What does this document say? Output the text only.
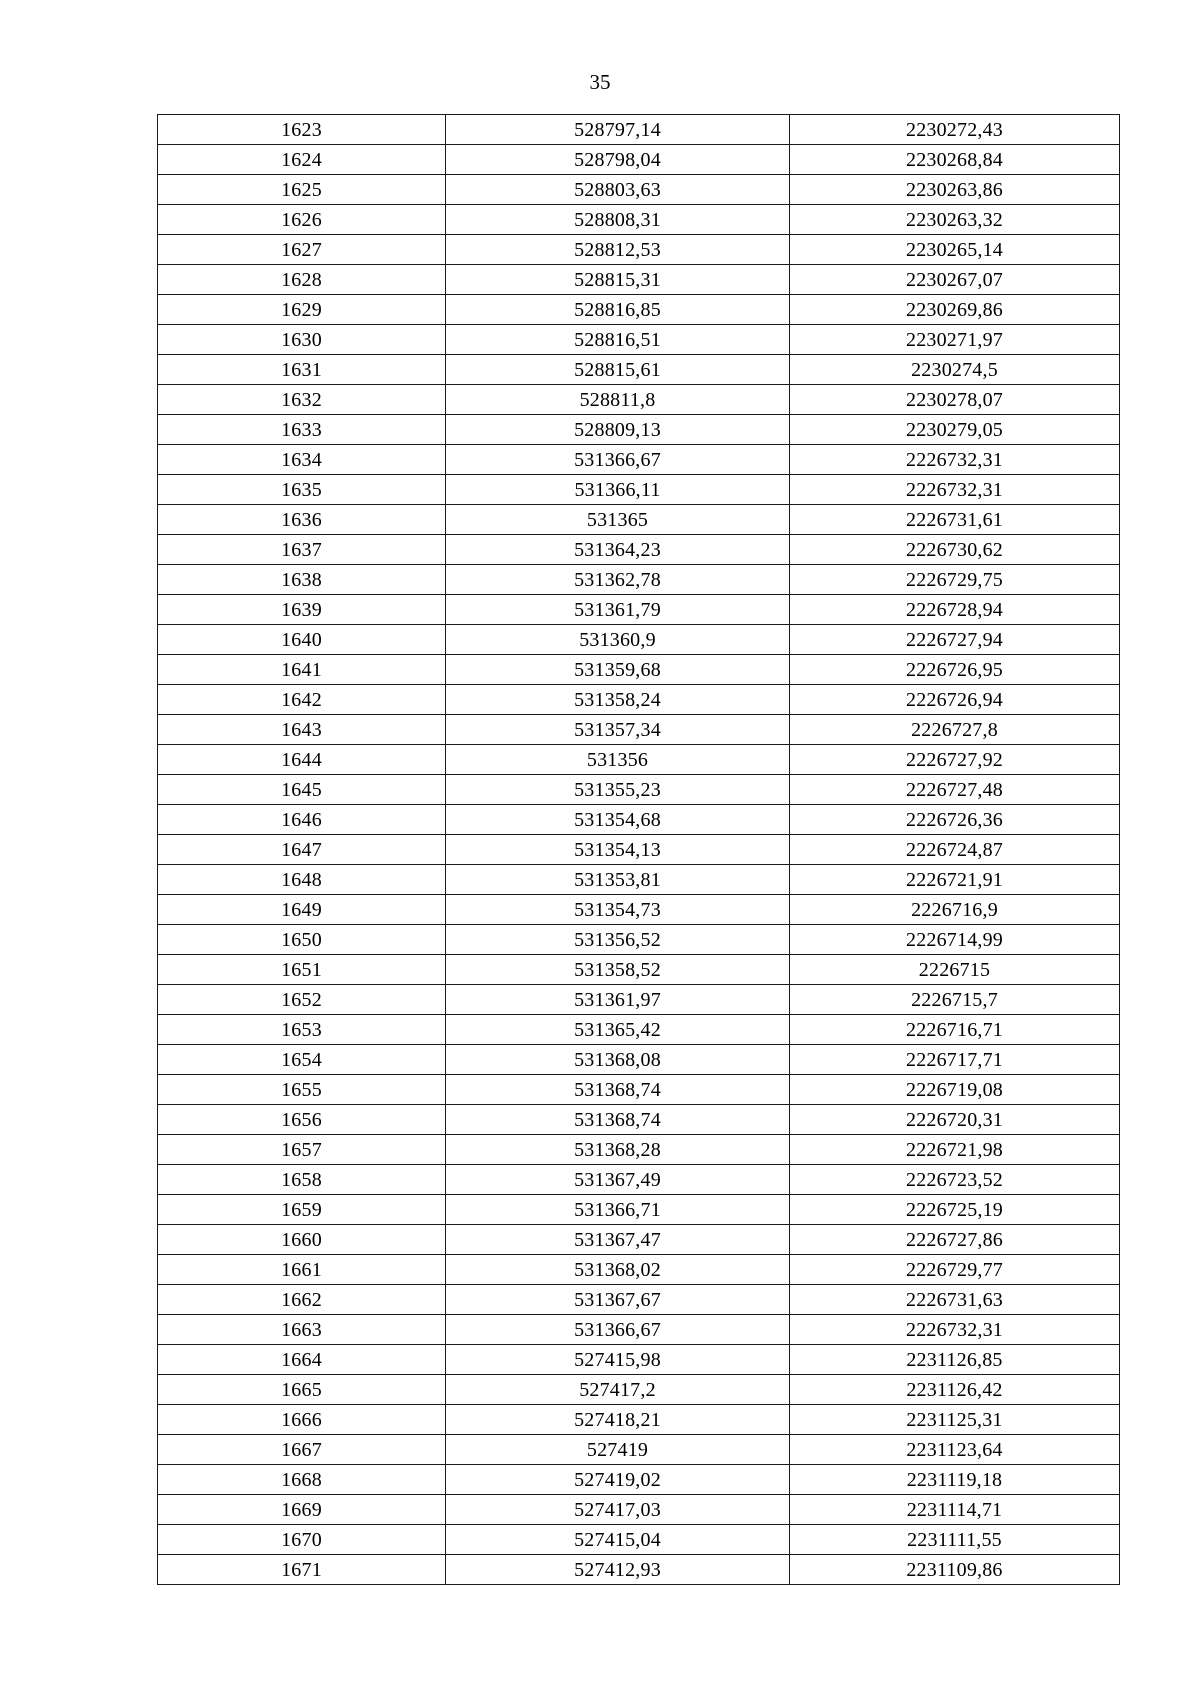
35
1623	528797,14	2230272,43
1624	528798,04	2230268,84
1625	528803,63	2230263,86
1626	528808,31	2230263,32
1627	528812,53	2230265,14
1628	528815,31	2230267,07
1629	528816,85	2230269,86
1630	528816,51	2230271,97
1631	528815,61	2230274,5
1632	528811,8	2230278,07
1633	528809,13	2230279,05
1634	531366,67	2226732,31
1635	531366,11	2226732,31
1636	531365	2226731,61
1637	531364,23	2226730,62
1638	531362,78	2226729,75
1639	531361,79	2226728,94
1640	531360,9	2226727,94
1641	531359,68	2226726,95
1642	531358,24	2226726,94
1643	531357,34	2226727,8
1644	531356	2226727,92
1645	531355,23	2226727,48
1646	531354,68	2226726,36
1647	531354,13	2226724,87
1648	531353,81	2226721,91
1649	531354,73	2226716,9
1650	531356,52	2226714,99
1651	531358,52	2226715
1652	531361,97	2226715,7
1653	531365,42	2226716,71
1654	531368,08	2226717,71
1655	531368,74	2226719,08
1656	531368,74	2226720,31
1657	531368,28	2226721,98
1658	531367,49	2226723,52
1659	531366,71	2226725,19
1660	531367,47	2226727,86
1661	531368,02	2226729,77
1662	531367,67	2226731,63
1663	531366,67	2226732,31
1664	527415,98	2231126,85
1665	527417,2	2231126,42
1666	527418,21	2231125,31
1667	527419	2231123,64
1668	527419,02	2231119,18
1669	527417,03	2231114,71
1670	527415,04	2231111,55
1671	527412,93	2231109,86
